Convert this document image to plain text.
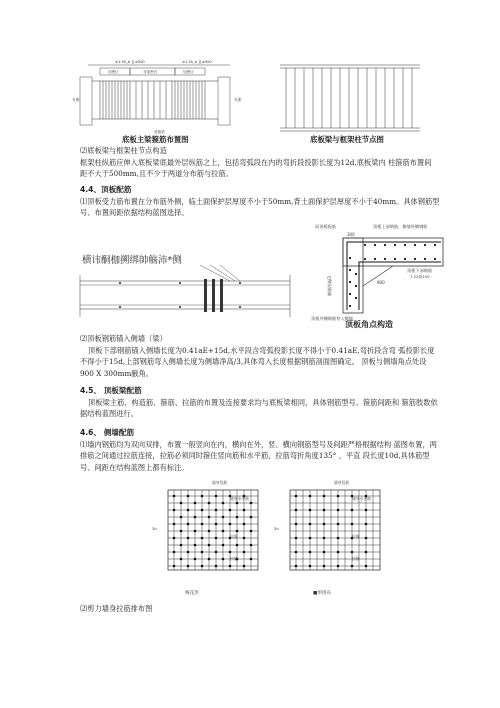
≥1.5h_b 且≥500	≥1.5h_b 且≥500
加密区	非加密区	加密区
支座	支座
底板梁
底板主梁箍筋布置图	底板梁与框架柱节点图
⑵底板梁与框架柱节点构造
框架柱纵筋应伸入底板梁底最外层纵筋之上，包括弯弧段在内的弯折段投影长度为12d,底板梁内 柱箍筋布置间距不大于500mm,且不少于两道分布筋与拉筋。
4.4、顶板配筋
⑴顶板受力筋布置在分布筋外侧，临土面保护层厚度不小于50mm,背土面保护层厚度不小于40mm。具体钢筋型号、布置间距依据结构蓝图选择。
横讳酮枷搠绑帥觞沛*侧
同顶板配筋	顶板上部钢筋、侧墙外侧钢筋
300
顶板下部钢筋
7 22@150
900
侧墙净高/3
顶板外侧钢筋弯入侧墙
顶板角点构造
⑵顶板钢筋锚入侧墙（梁）
顶板下部钢筋锚入侧墙长度为0.41aE+15d,水平段含弯弧投影长度不得小于0.41aE,弯折段含弯 弧投影长度不得小于15d,上部钢筋弯入侧墙长度为侧墙净高/3,具体弯入长度根据钢筋剖面图确定。 顶板与侧墙角点处设900 X 300mm腋角。
4.5、 顶板梁配筋
顶板梁主筋、构造筋、箍筋、拉筋的布置及连接要求均与底板梁相同，具体钢筋型号、箍筋间距和 箍筋肢数依据结构蓝图进行。
4.6、 侧墙配筋
⑴墙内钢筋均为双向双排，布置一般竖向在内，横向在外，竖、横向钢筋型号及间距严格根据结构 蓝图布置，两排筋之间通过拉筋连接，拉筋必须同时箍住竖向筋和水平筋，拉筋弯折角度135° ，平直 段长度10d,具体筋型号、间距在结构蓝图上都有标注。
墙身竖筋
墙身水平筋
2h
拉筋
拉筋
墙身竖筋
墙身水平筋
2h
拉筋
拉筋
梅花形	■形排布
⑵剪力墙身拉筋排布图
